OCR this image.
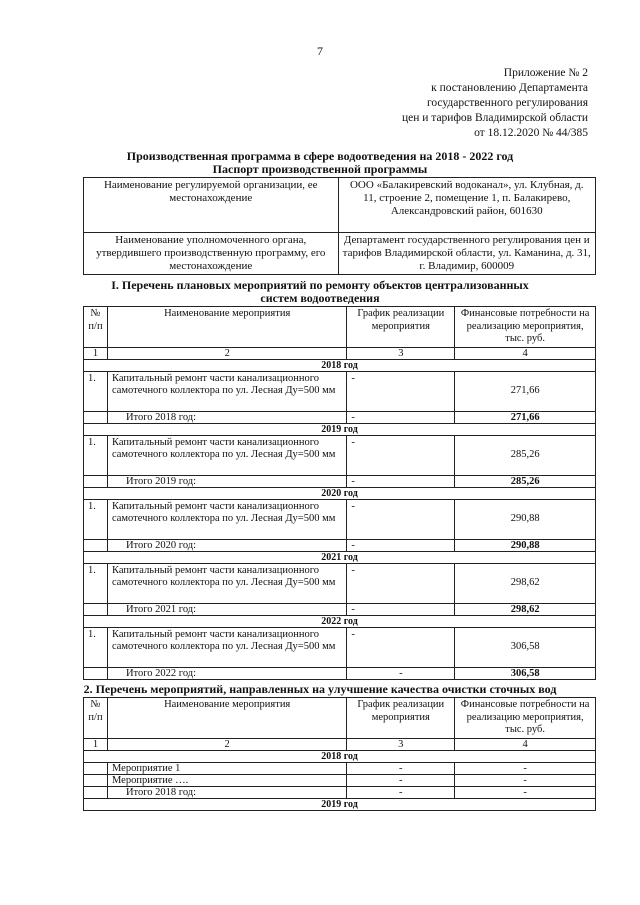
7
Приложение № 2
к постановлению Департамента
государственного регулирования
цен и тарифов Владимирской области
от 18.12.2020 № 44/385
Производственная программа в сфере водоотведения на 2018 - 2022 год
Паспорт производственной программы
Наименование регулируемой организации, ее местонахождение	ООО «Балакиревский водоканал», ул. Клубная, д. 11, строение 2, помещение 1, п. Балакирево, Александровский район, 601630
Наименование уполномоченного органа, утвердившего производственную программу, его местонахождение	Департамент государственного регулирования цен и тарифов Владимирской области, ул. Каманина, д. 31, г. Владимир, 600009
I. Перечень плановых мероприятий по ремонту объектов централизованных
систем водоотведения
№ п/п	Наименование мероприятия	График реализации мероприятия	Финансовые потребности на реализацию мероприятия, тыс. руб.
1	2	3	4
2018 год			
1.	Капитальный ремонт части канализационного самотечного коллектора по ул. Лесная Ду=500 мм	-	271,66
	Итого 2018 год:	-	271,66
2019 год			
1.	Капитальный ремонт части канализационного самотечного коллектора по ул. Лесная Ду=500 мм	-	285,26
	Итого 2019 год:	-	285,26
2020 год			
1.	Капитальный ремонт части канализационного самотечного коллектора по ул. Лесная Ду=500 мм	-	290,88
	Итого 2020 год:	-	290,88
2021 год			
1.	Капитальный ремонт части канализационного самотечного коллектора по ул. Лесная Ду=500 мм	-	298,62
	Итого 2021 год:	-	298,62
2022 год			
1.	Капитальный ремонт части канализационного самотечного коллектора по ул. Лесная Ду=500 мм	-	306,58
	Итого 2022 год:	-	306,58
2. Перечень мероприятий, направленных на улучшение качества очистки сточных вод
№ п/п	Наименование мероприятия	График реализации мероприятия	Финансовые потребности на реализацию мероприятия, тыс. руб.
1	2	3	4
2018 год			
	Мероприятие 1	-	-
	Мероприятие ….	-	-
	Итого 2018 год:	-	-
2019 год			
